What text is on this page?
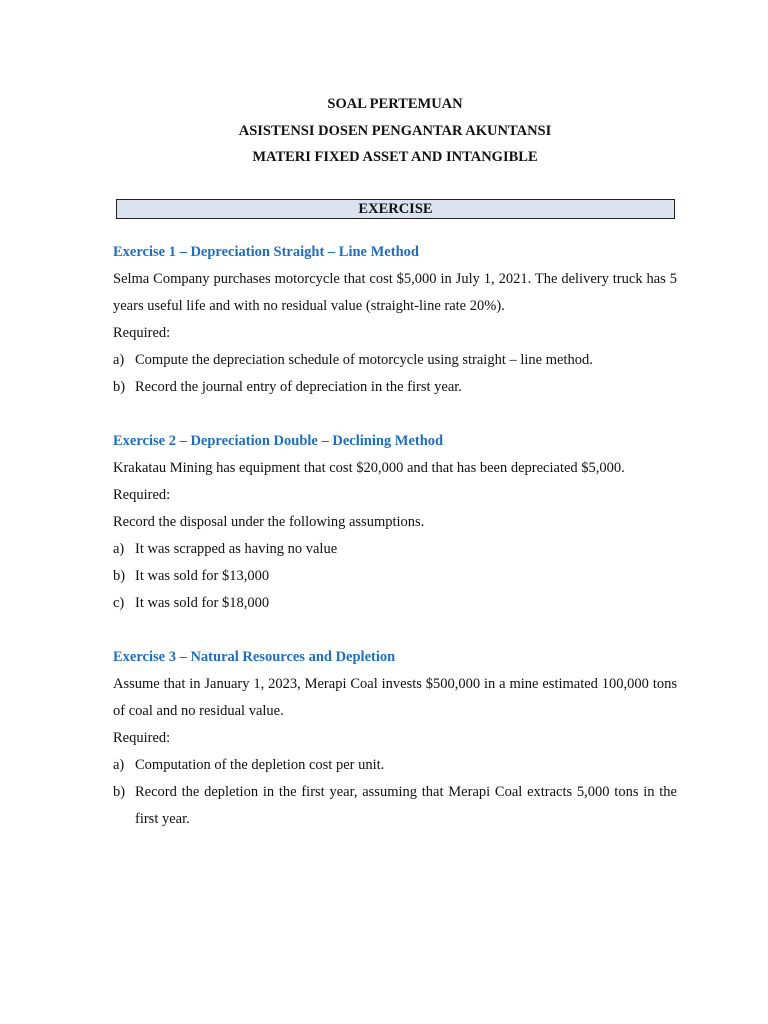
SOAL PERTEMUAN
ASISTENSI DOSEN PENGANTAR AKUNTANSI
MATERI FIXED ASSET AND INTANGIBLE
EXERCISE
Exercise 1 – Depreciation Straight – Line Method

Selma Company purchases motorcycle that cost $5,000 in July 1, 2021. The delivery truck has 5 years useful life and with no residual value (straight-line rate 20%).

Required:

a) Compute the depreciation schedule of motorcycle using straight – line method.
b) Record the journal entry of depreciation in the first year.
Exercise 2 – Depreciation Double – Declining Method

Krakatau Mining has equipment that cost $20,000 and that has been depreciated $5,000.

Required:

Record the disposal under the following assumptions.

a) It was scrapped as having no value
b) It was sold for $13,000
c) It was sold for $18,000
Exercise 3 – Natural Resources and Depletion

Assume that in January 1, 2023, Merapi Coal invests $500,000 in a mine estimated 100,000 tons of coal and no residual value.

Required:

a) Computation of the depletion cost per unit.
b) Record the depletion in the first year, assuming that Merapi Coal extracts 5,000 tons in the first year.
